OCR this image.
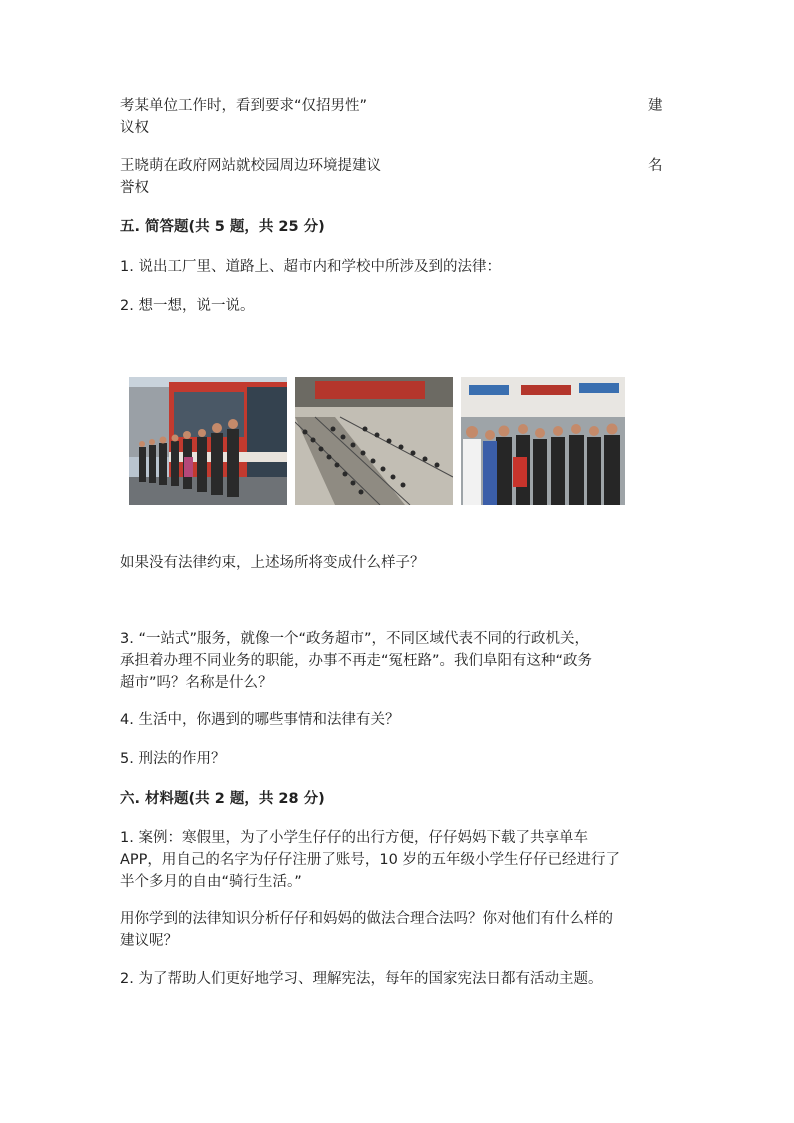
考某单位工作时，看到要求“仅招男性”	建
议权
王晓萌在政府网站就校园周边环境提建议	名
誉权
五. 简答题(共 5 题，共 25 分)
1. 说出工厂里、道路上、超市内和学校中所涉及到的法律：
2. 想一想，说一说。
如果没有法律约束，上述场所将变成什么样子？
3. “一站式”服务，就像一个“政务超市”，不同区域代表不同的行政机关，
承担着办理不同业务的职能，办事不再走“冤枉路”。我们阜阳有这种“政务
超市”吗？名称是什么？
4. 生活中，你遇到的哪些事情和法律有关？
5. 刑法的作用？
六. 材料题(共 2 题，共 28 分)
1. 案例：寒假里，为了小学生仔仔的出行方便，仔仔妈妈下载了共享单车
APP，用自己的名字为仔仔注册了账号，10 岁的五年级小学生仔仔已经进行了
半个多月的自由“骑行生活。”
用你学到的法律知识分析仔仔和妈妈的做法合理合法吗？你对他们有什么样的
建议呢？
2. 为了帮助人们更好地学习、理解宪法，每年的国家宪法日都有活动主题。
